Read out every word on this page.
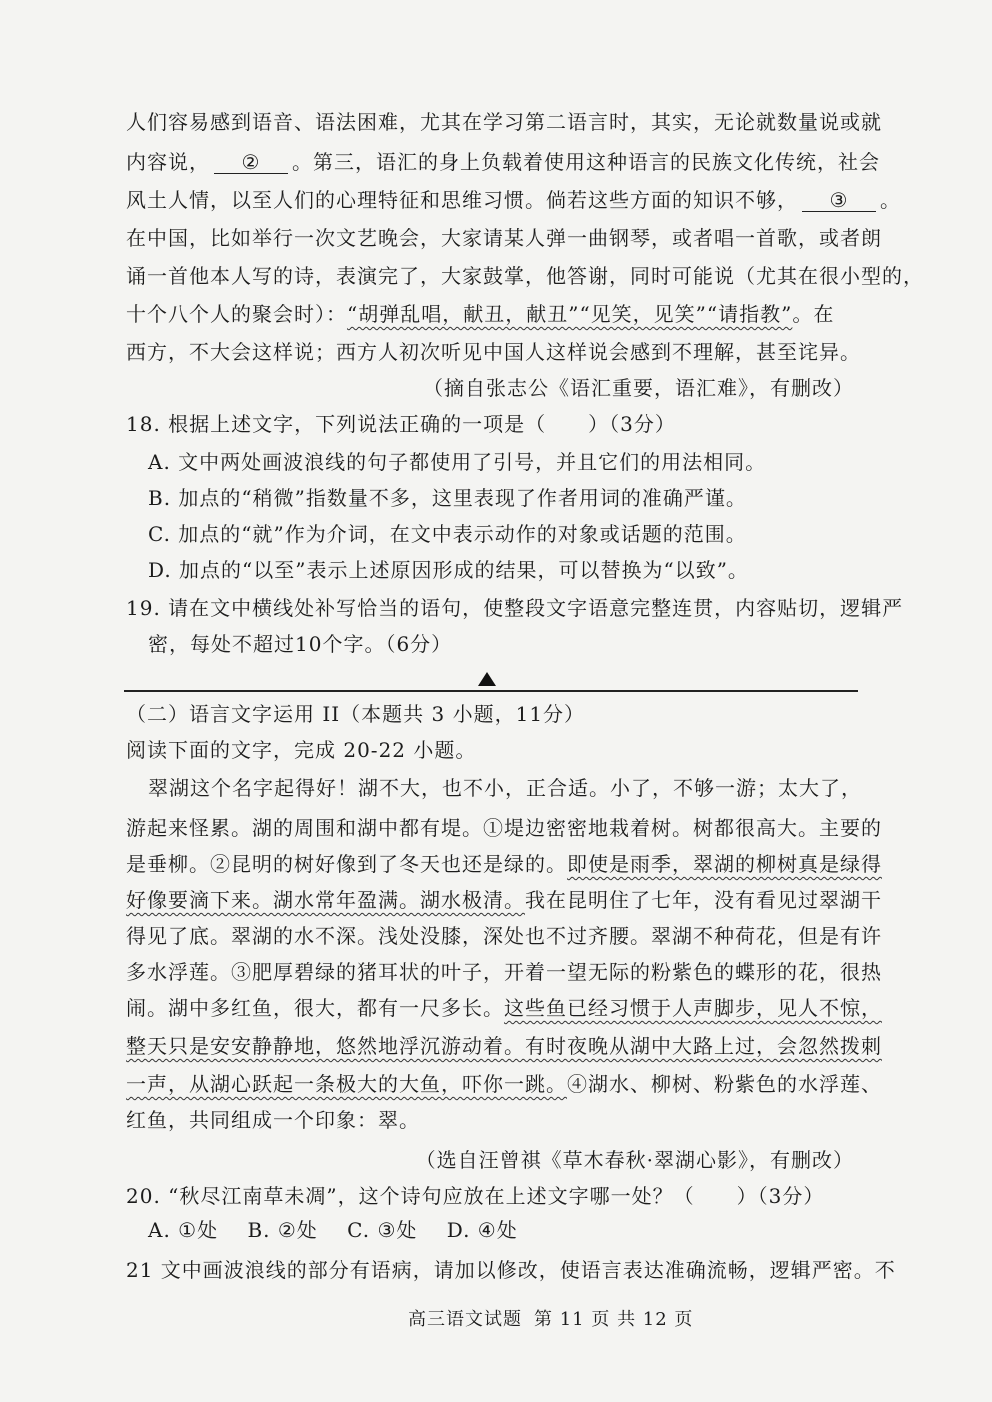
人们容易感到语音、语法困难，尤其在学习第二语言时，其实，无论就数量说或就
内容说， ② 。第三，语汇的身上负载着使用这种语言的民族文化传统，社会
风土人情，以至人们的心理特征和思维习惯。倘若这些方面的知识不够， ③ 。
在中国，比如举行一次文艺晚会，大家请某人弹一曲钢琴，或者唱一首歌，或者朗
诵一首他本人写的诗，表演完了，大家鼓掌，他答谢，同时可能说（尤其在很小型的，
十个八个人的聚会时）：“胡弹乱唱，献丑，献丑”“见笑，见笑”“请指教”。在
西方，不大会这样说；西方人初次听见中国人这样说会感到不理解，甚至诧异。
（摘自张志公《语汇重要，语汇难》，有删改）
18. 根据上述文字，下列说法正确的一项是（　　）（3分）
A. 文中两处画波浪线的句子都使用了引号，并且它们的用法相同。
B. 加点的“稍微”指数量不多，这里表现了作者用词的准确严谨。
C. 加点的“就”作为介词，在文中表示动作的对象或话题的范围。
D. 加点的“以至”表示上述原因形成的结果，可以替换为“以致”。
19. 请在文中横线处补写恰当的语句，使整段文字语意完整连贯，内容贴切，逻辑严
密，每处不超过10个字。（6分）
（二）语言文字运用 II（本题共 3 小题，11分）
阅读下面的文字，完成 20-22 小题。
翠湖这个名字起得好！湖不大，也不小，正合适。小了，不够一游；太大了，
游起来怪累。湖的周围和湖中都有堤。①堤边密密地栽着树。树都很高大。主要的
是垂柳。②昆明的树好像到了冬天也还是绿的。即使是雨季，翠湖的柳树真是绿得
好像要滴下来。湖水常年盈满。湖水极清。我在昆明住了七年，没有看见过翠湖干
得见了底。翠湖的水不深。浅处没膝，深处也不过齐腰。翠湖不种荷花，但是有许
多水浮莲。③肥厚碧绿的猪耳状的叶子，开着一望无际的粉紫色的蝶形的花，很热
闹。湖中多红鱼，很大，都有一尺多长。这些鱼已经习惯于人声脚步，见人不惊，
整天只是安安静静地，悠然地浮沉游动着。有时夜晚从湖中大路上过，会忽然拨刺
一声，从湖心跃起一条极大的大鱼，吓你一跳。④湖水、柳树、粉紫色的水浮莲、
红鱼，共同组成一个印象：翠。
（选自汪曾祺《草木春秋·翠湖心影》，有删改）
20. “秋尽江南草未凋”，这个诗句应放在上述文字哪一处？（　　）（3分）
A. ①处 B. ②处 C. ③处 D. ④处
21 文中画波浪线的部分有语病，请加以修改，使语言表达准确流畅，逻辑严密。不
高三语文试题 第 11 页 共 12 页
